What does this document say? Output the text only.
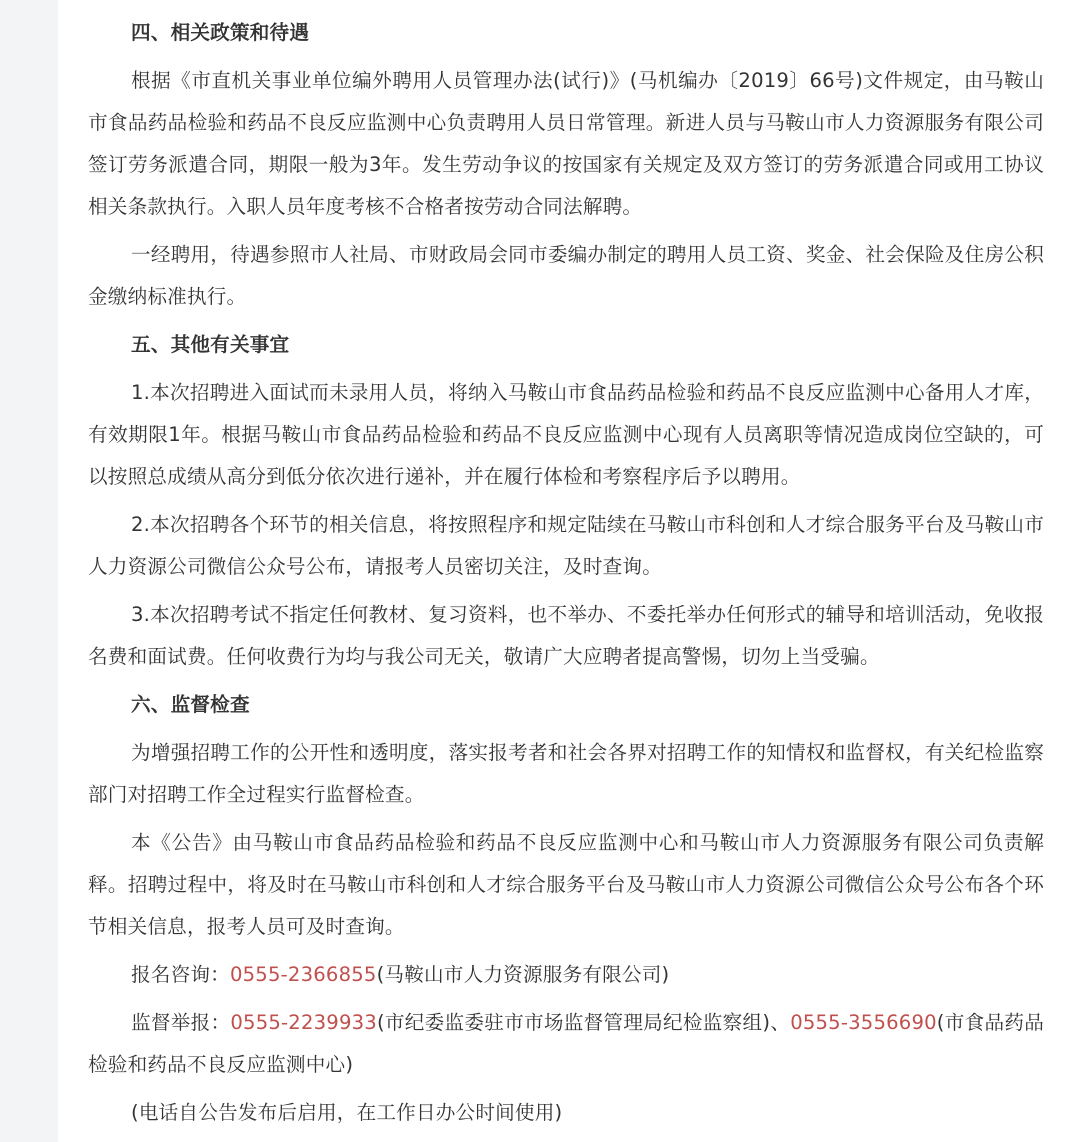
四、相关政策和待遇

根据《市直机关事业单位编外聘用人员管理办法(试行)》(马机编办〔2019〕66号)文件规定，由马鞍山市食品药品检验和药品不良反应监测中心负责聘用人员日常管理。新进人员与马鞍山市人力资源服务有限公司签订劳务派遣合同，期限一般为3年。发生劳动争议的按国家有关规定及双方签订的劳务派遣合同或用工协议相关条款执行。入职人员年度考核不合格者按劳动合同法解聘。

一经聘用，待遇参照市人社局、市财政局会同市委编办制定的聘用人员工资、奖金、社会保险及住房公积金缴纳标准执行。

五、其他有关事宜

1.本次招聘进入面试而未录用人员，将纳入马鞍山市食品药品检验和药品不良反应监测中心备用人才库，有效期限1年。根据马鞍山市食品药品检验和药品不良反应监测中心现有人员离职等情况造成岗位空缺的，可以按照总成绩从高分到低分依次进行递补，并在履行体检和考察程序后予以聘用。

2.本次招聘各个环节的相关信息，将按照程序和规定陆续在马鞍山市科创和人才综合服务平台及马鞍山市人力资源公司微信公众号公布，请报考人员密切关注，及时查询。

3.本次招聘考试不指定任何教材、复习资料，也不举办、不委托举办任何形式的辅导和培训活动，免收报名费和面试费。任何收费行为均与我公司无关，敬请广大应聘者提高警惕，切勿上当受骗。

六、监督检查

为增强招聘工作的公开性和透明度，落实报考者和社会各界对招聘工作的知情权和监督权，有关纪检监察部门对招聘工作全过程实行监督检查。

本《公告》由马鞍山市食品药品检验和药品不良反应监测中心和马鞍山市人力资源服务有限公司负责解释。招聘过程中，将及时在马鞍山市科创和人才综合服务平台及马鞍山市人力资源公司微信公众号公布各个环节相关信息，报考人员可及时查询。

报名咨询：0555-2366855(马鞍山市人力资源服务有限公司)

监督举报：0555-2239933(市纪委监委驻市市场监督管理局纪检监察组)、0555-3556690(市食品药品检验和药品不良反应监测中心)

(电话自公告发布后启用，在工作日办公时间使用)
